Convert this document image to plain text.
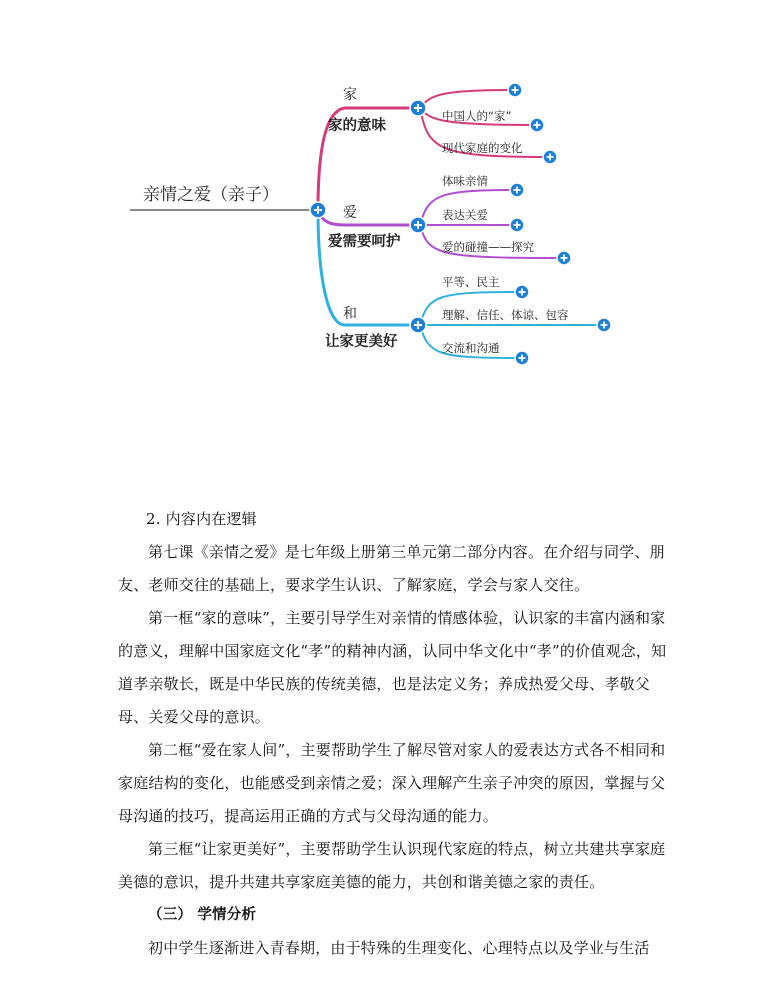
亲情之爱（亲子）
家
家的意味
爱
爱需要呵护
和
让家更美好
中国人的“家”
现代家庭的变化
体味亲情
表达关爱
爱的碰撞——探究
平等、民主
理解、信任、体谅、包容
交流和沟通

2. 内容内在逻辑

第七课《亲情之爱》是七年级上册第三单元第二部分内容。在介绍与同学、朋友、老师交往的基础上，要求学生认识、了解家庭，学会与家人交往。

第一框“家的意味”，主要引导学生对亲情的情感体验，认识家的丰富内涵和家的意义，理解中国家庭文化“孝”的精神内涵，认同中华文化中“孝”的价值观念，知道孝亲敬长，既是中华民族的传统美德，也是法定义务；养成热爱父母、孝敬父母、关爱父母的意识。

第二框“爱在家人间”，主要帮助学生了解尽管对家人的爱表达方式各不相同和家庭结构的变化，也能感受到亲情之爱；深入理解产生亲子冲突的原因，掌握与父母沟通的技巧，提高运用正确的方式与父母沟通的能力。

第三框“让家更美好”，主要帮助学生认识现代家庭的特点，树立共建共享家庭美德的意识，提升共建共享家庭美德的能力，共创和谐美德之家的责任。

（三） 学情分析

初中学生逐渐进入青春期，由于特殊的生理变化、心理特点以及学业与生活
